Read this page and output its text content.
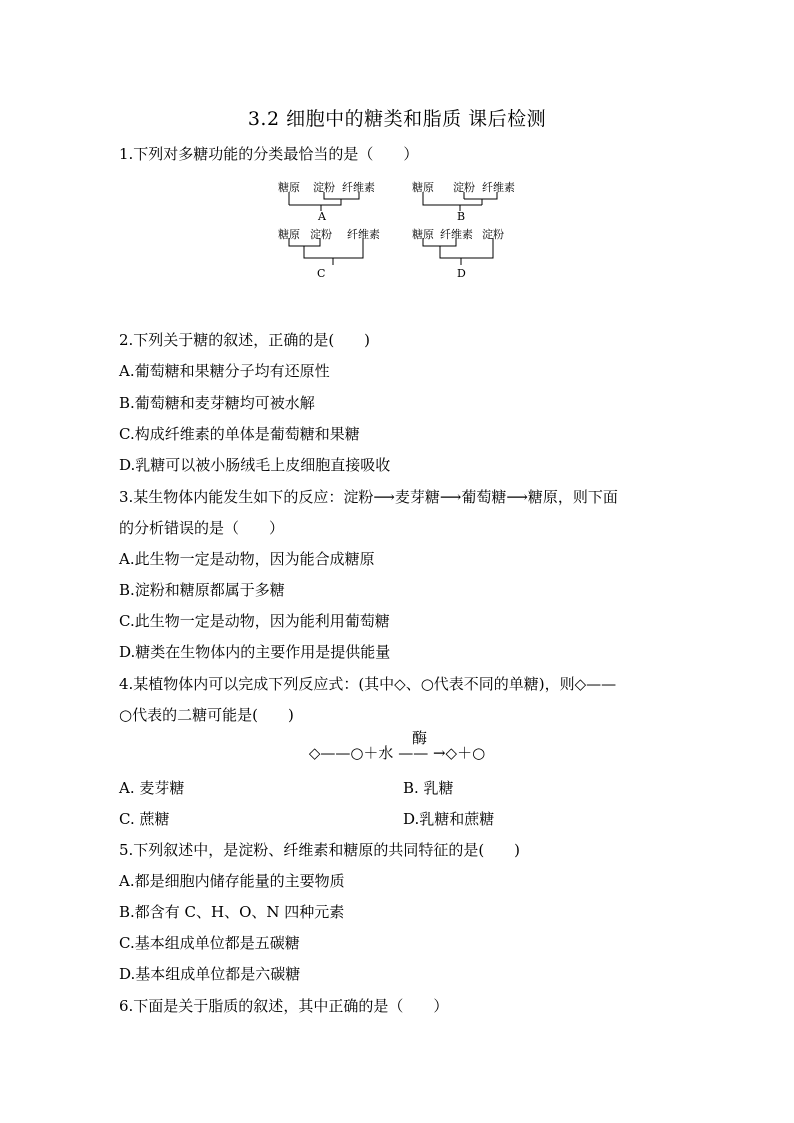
3.2 细胞中的糖类和脂质 课后检测
1.下列对多糖功能的分类最恰当的是（　　）
糖原 淀粉 纤维素
A
糖原 淀粉 纤维素
B
糖原 淀粉 纤维素
C
糖原 纤维素 淀粉
D
2.下列关于糖的叙述，正确的是(　　)
A.葡萄糖和果糖分子均有还原性
B.葡萄糖和麦芽糖均可被水解
C.构成纤维素的单体是葡萄糖和果糖
D.乳糖可以被小肠绒毛上皮细胞直接吸收
3.某生物体内能发生如下的反应：淀粉⟶麦芽糖⟶葡萄糖⟶糖原，则下面
的分析错误的是（　　）
A.此生物一定是动物，因为能合成糖原
B.淀粉和糖原都属于多糖
C.此生物一定是动物，因为能利用葡萄糖
D.糖类在生物体内的主要作用是提供能量
4.某植物体内可以完成下列反应式：(其中◇、○代表不同的单糖)，则◇——
○代表的二糖可能是(　　)
酶
◇——○＋水 —— →◇＋○
A. 麦芽糖	B. 乳糖
C. 蔗糖	D.乳糖和蔗糖
5.下列叙述中，是淀粉、纤维素和糖原的共同特征的是(　　)
A.都是细胞内储存能量的主要物质
B.都含有 C、H、O、N 四种元素
C.基本组成单位都是五碳糖
D.基本组成单位都是六碳糖
6.下面是关于脂质的叙述，其中正确的是（　　）
